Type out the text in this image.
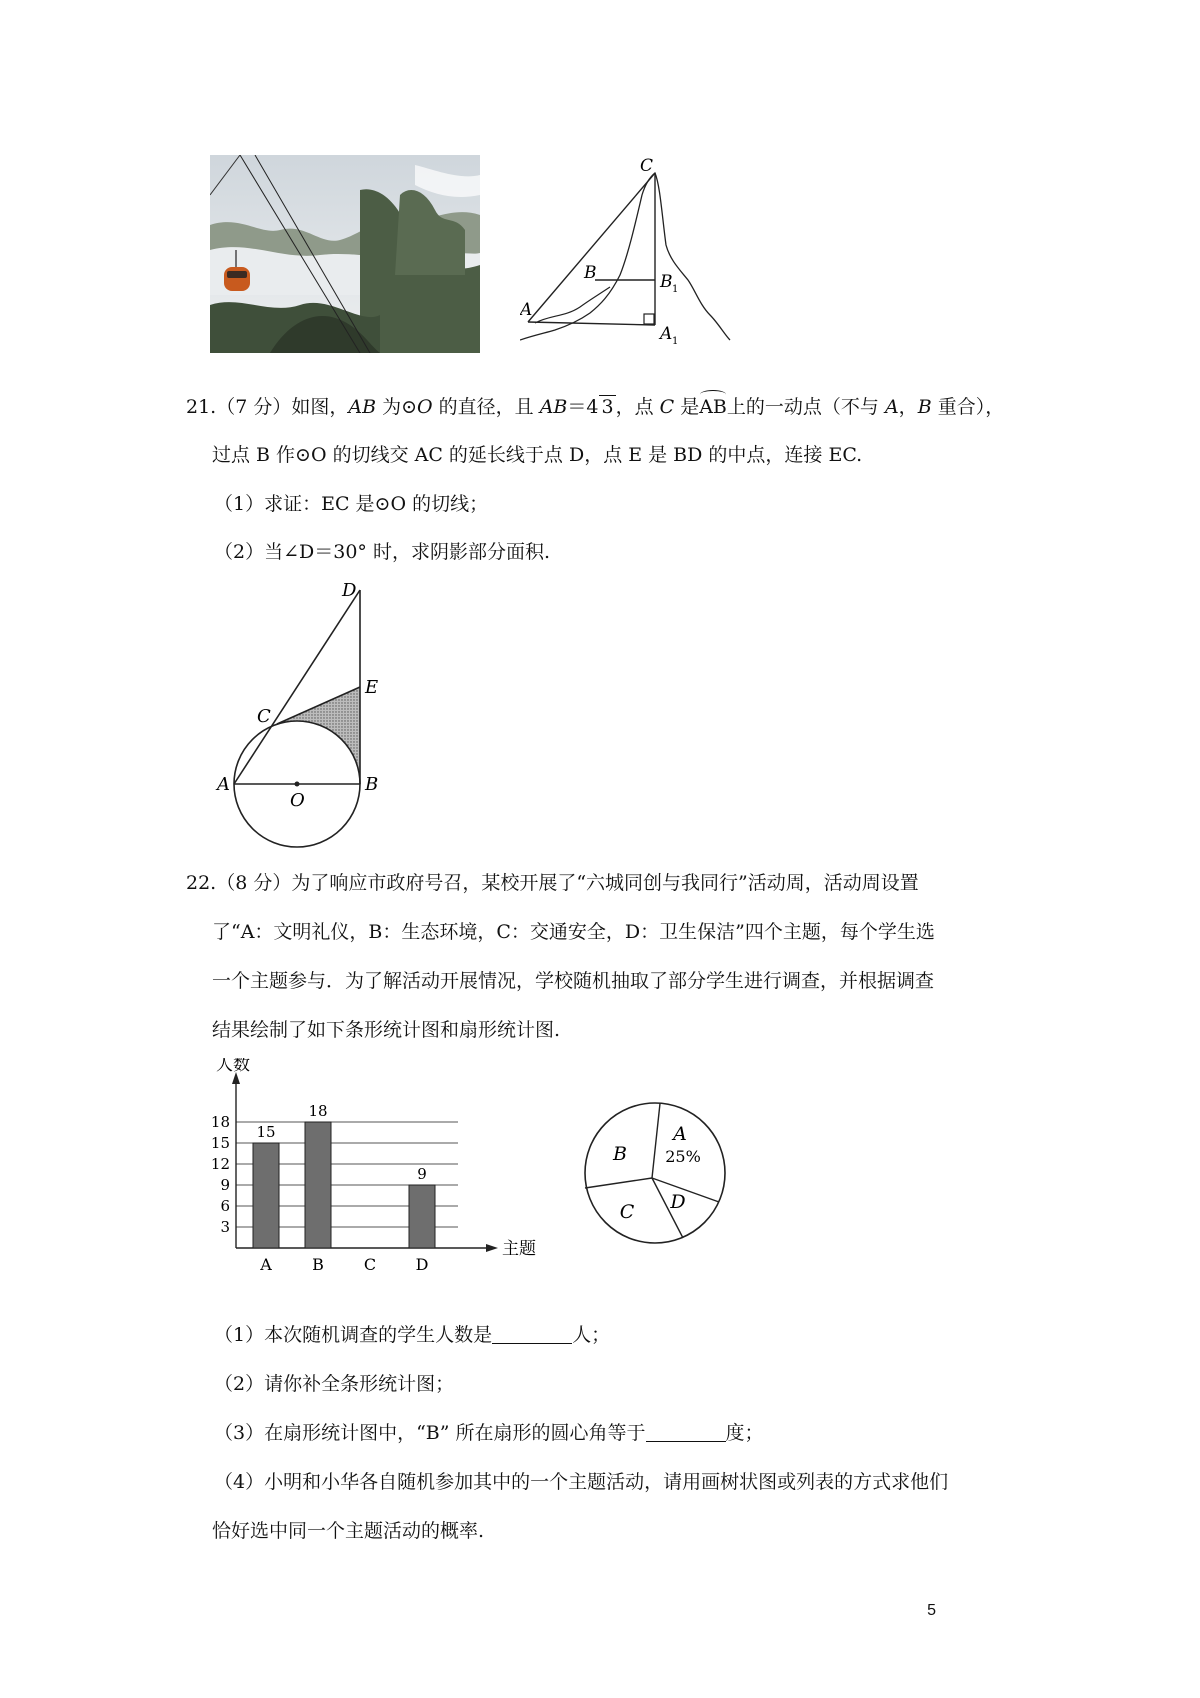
C
B
A
B 1
A 1
21.（7 分）如图，AB 为⊙O 的直径，且 AB＝4 3 ，点 C 是AB上的一动点（不与 A，B 重合），
过点 B 作⊙O 的切线交 AC 的延长线于点 D，点 E 是 BD 的中点，连接 EC.
（1）求证：EC 是⊙O 的切线；
（2）当∠D＝30° 时，求阴影部分面积.
D
E
C
A
O
B
22.（8 分）为了响应市政府号召，某校开展了“六城同创与我同行”活动周，活动周设置
了“A：文明礼仪，B：生态环境，C：交通安全，D：卫生保洁”四个主题，每个学生选
一个主题参与．为了解活动开展情况，学校随机抽取了部分学生进行调查，并根据调查
结果绘制了如下条形统计图和扇形统计图.
3
6
9
12
15
18
人数
主题
15
A
18
B C
9
D
A
B
C D
25%
（1）本次随机调查的学生人数是	人；
（2）请你补全条形统计图；
（3）在扇形统计图中，“B” 所在扇形的圆心角等于	度；
（4）小明和小华各自随机参加其中的一个主题活动，请用画树状图或列表的方式求他们
恰好选中同一个主题活动的概率.
5
